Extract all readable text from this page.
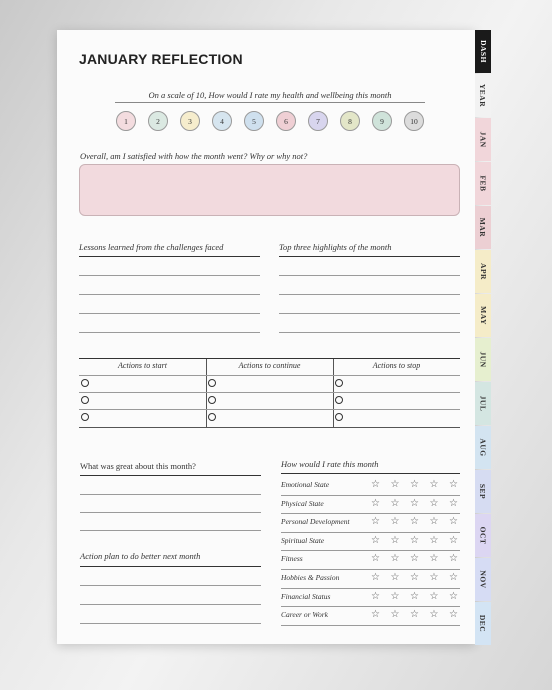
JANUARY REFLECTION
On a scale of 10, How would I rate my health and wellbeing this month
1	2	3	4	5	6	7	8	9	10
Overall, am I satisfied with how the month went? Why or why not?
Lessons learned from the challenges faced	Top three highlights of the month
Actions to start	Actions to continue	Actions to stop
What was great about this month?
Action plan to do better next month
How would I rate this month
Emotional State	☆ ☆ ☆ ☆ ☆
Physical State	☆ ☆ ☆ ☆ ☆
Personal Development ☆ ☆ ☆ ☆ ☆
Spiritual State	☆ ☆ ☆ ☆ ☆
Fitness	☆ ☆ ☆ ☆ ☆
Hobbies & Passion	☆ ☆ ☆ ☆ ☆
Financial Status	☆ ☆ ☆ ☆ ☆
Career or Work	☆ ☆ ☆ ☆ ☆
DASH
YEAR
JAN
FEB
MAR
APR
MAY
JUN
JUL
AUG
SEP
OCT
NOV
DEC
